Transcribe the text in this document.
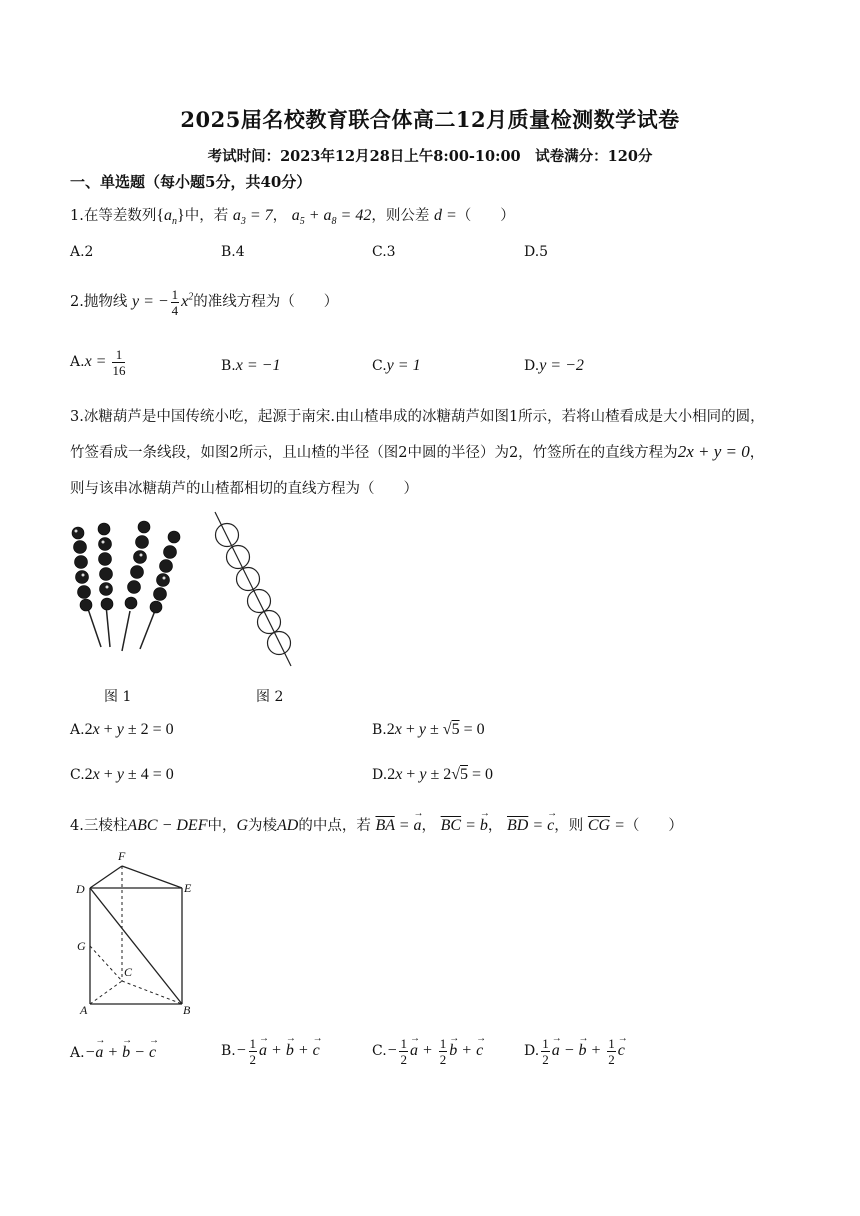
2025届名校教育联合体高二12月质量检测数学试卷
考试时间：2023年12月28日上午8:00-10:00　试卷满分：120分
一、单选题（每小题5分，共40分）
1.在等差数列$\{a_n\}$中，若 $a_3 = 7$， $a_5 + a_8 = 42$，则公差 d =（　　）
A.2	B.4	C.3	D.5
2.抛物线 y = − $\frac{1}{4} x^2$的准线方程为（　　）
$A.x = \frac{1}{16}$	B.x = −1	C.y = 1	D.y = −2
3.冰糖葫芦是中国传统小吃，起源于南宋.由山楂串成的冰糖葫芦如图1所示，若将山楂看成是大小相同的圆，
竹签看成一条线段，如图2所示，且山楂的半径（图2中圆的半径）为2，竹签所在的直线方程为2x + y = 0，
则与该串冰糖葫芦的山楂都相切的直线方程为（　　）
图 1	图 2
A.2x + y ± 2 = 0	B.2x + y ± √5 = 0
C.2x + y ± 4 = 0	D.2x + y ± 2√5 = 0
4.三棱柱ABC − DEF中，G为棱AD的中点，若 $\overline{BA}$ = → a， $\overline{BC}$ = → b， $\overline{BD}$ = → c，则 $\overline{CG}$ =（　　）
F
D	E
G
C
A	B
A.−→ a + → b − → c	$B.- \frac{1}{2} \to a$ + → b + → c	$C.- \frac{1}{2} \to a + \frac{1}{2} \to b$ + → c	D. $\frac{1}{2} \to a$ − → $b + \frac{1}{2} \to c$
